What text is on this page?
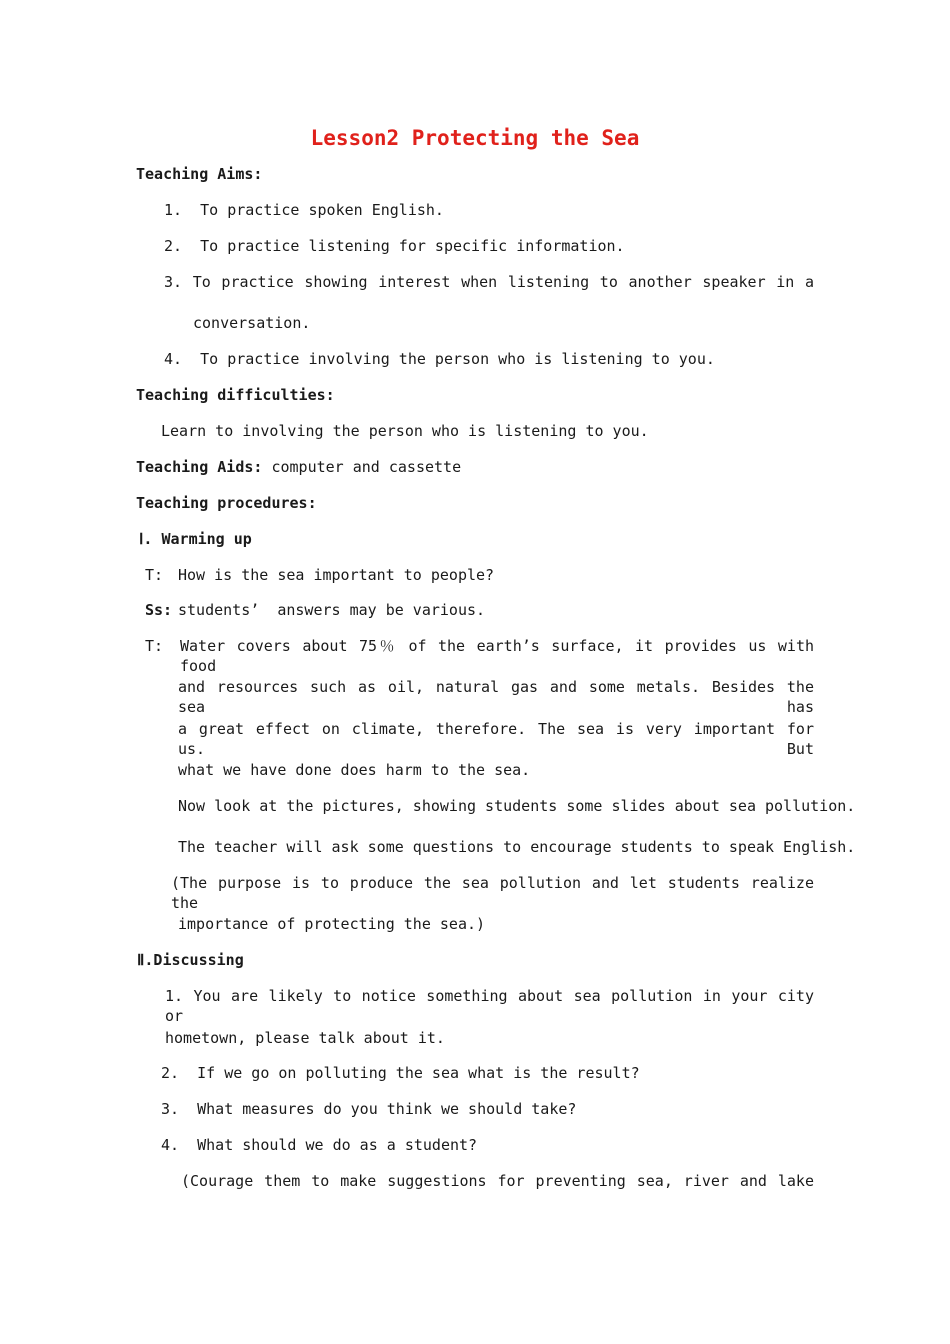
Lesson2 Protecting the Sea
Teaching Aims:
1.  To practice spoken English.
2.  To practice listening for specific information.
3. To practice showing interest when listening to another speaker in a
conversation.
4.  To practice involving the person who is listening to you.
Teaching difficulties:
Learn to involving the person who is listening to you.
Teaching Aids: computer and cassette
Teaching procedures:
Ⅰ. Warming up
T: How is the sea important to people?
Ss: students’  answers may be various.
T: Water covers about 75％ of the earth’s surface, it provides us with food
and resources such as oil, natural gas and some metals. Besides the sea has
a great effect on climate, therefore. The sea is very important for us. But
what we have done does harm to the sea.
Now look at the pictures, showing students some slides about sea pollution.
The teacher will ask some questions to encourage students to speak English.
(The purpose is to produce the sea pollution and let students realize the
importance of protecting the sea.)
Ⅱ.Discussing
1. You are likely to notice something about sea pollution in your city or
hometown, please talk about it.
2.  If we go on polluting the sea what is the result?
3.  What measures do you think we should take?
4.  What should we do as a student?
(Courage them to make suggestions for preventing sea, river and lake
